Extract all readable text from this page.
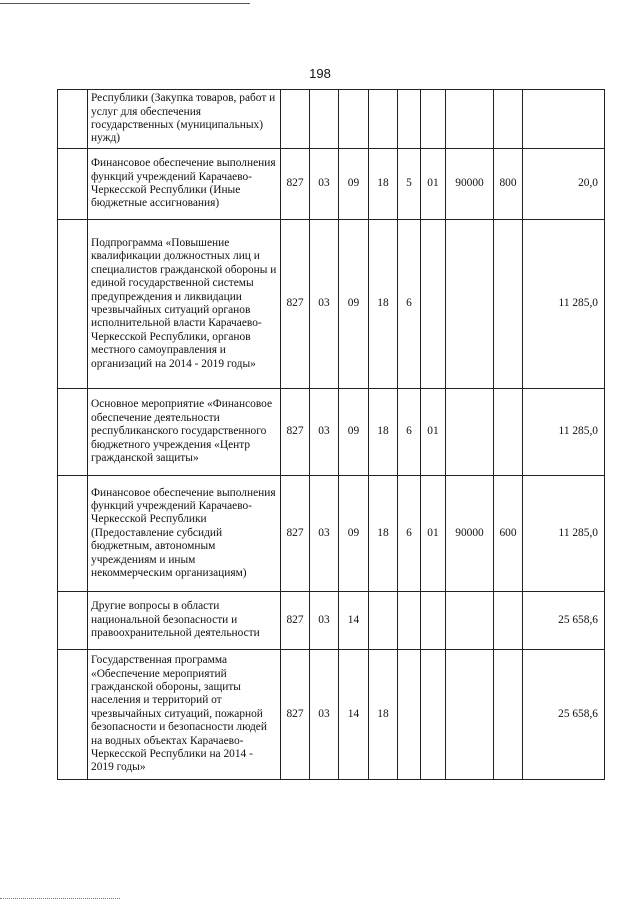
198
	Республики (Закупка товаров, работ и услуг для обеспечения государственных (муниципальных) нужд)									
	Финансовое обеспечение выполнения функций учреждений Карачаево-Черкесской Республики (Иные бюджетные ассигнования)	827	03	09	18	5	01	90000	800	20,0
	Подпрограмма «Повышение квалификации должностных лиц и специалистов гражданской обороны и единой государственной системы предупреждения и ликвидации чрезвычайных ситуаций органов исполнительной власти Карачаево-Черкесской Республики, органов местного самоуправления и организаций на 2014 - 2019 годы»	827	03	09	18	6				11 285,0
	Основное мероприятие «Финансовое обеспечение деятельности республиканского государственного бюджетного учреждения «Центр гражданской защиты»	827	03	09	18	6	01			11 285,0
	Финансовое обеспечение выполнения функций учреждений Карачаево-Черкесской Республики (Предоставление субсидий бюджетным, автономным учреждениям и иным некоммерческим организациям)	827	03	09	18	6	01	90000	600	11 285,0
	Другие вопросы в области национальной безопасности и правоохранительной деятельности	827	03	14						25 658,6
	Государственная программа «Обеспечение мероприятий гражданской обороны, защиты населения и территорий от чрезвычайных ситуаций, пожарной безопасности и безопасности людей на водных объектах Карачаево-Черкесской Республики на 2014 - 2019 годы»	827	03	14	18					25 658,6
